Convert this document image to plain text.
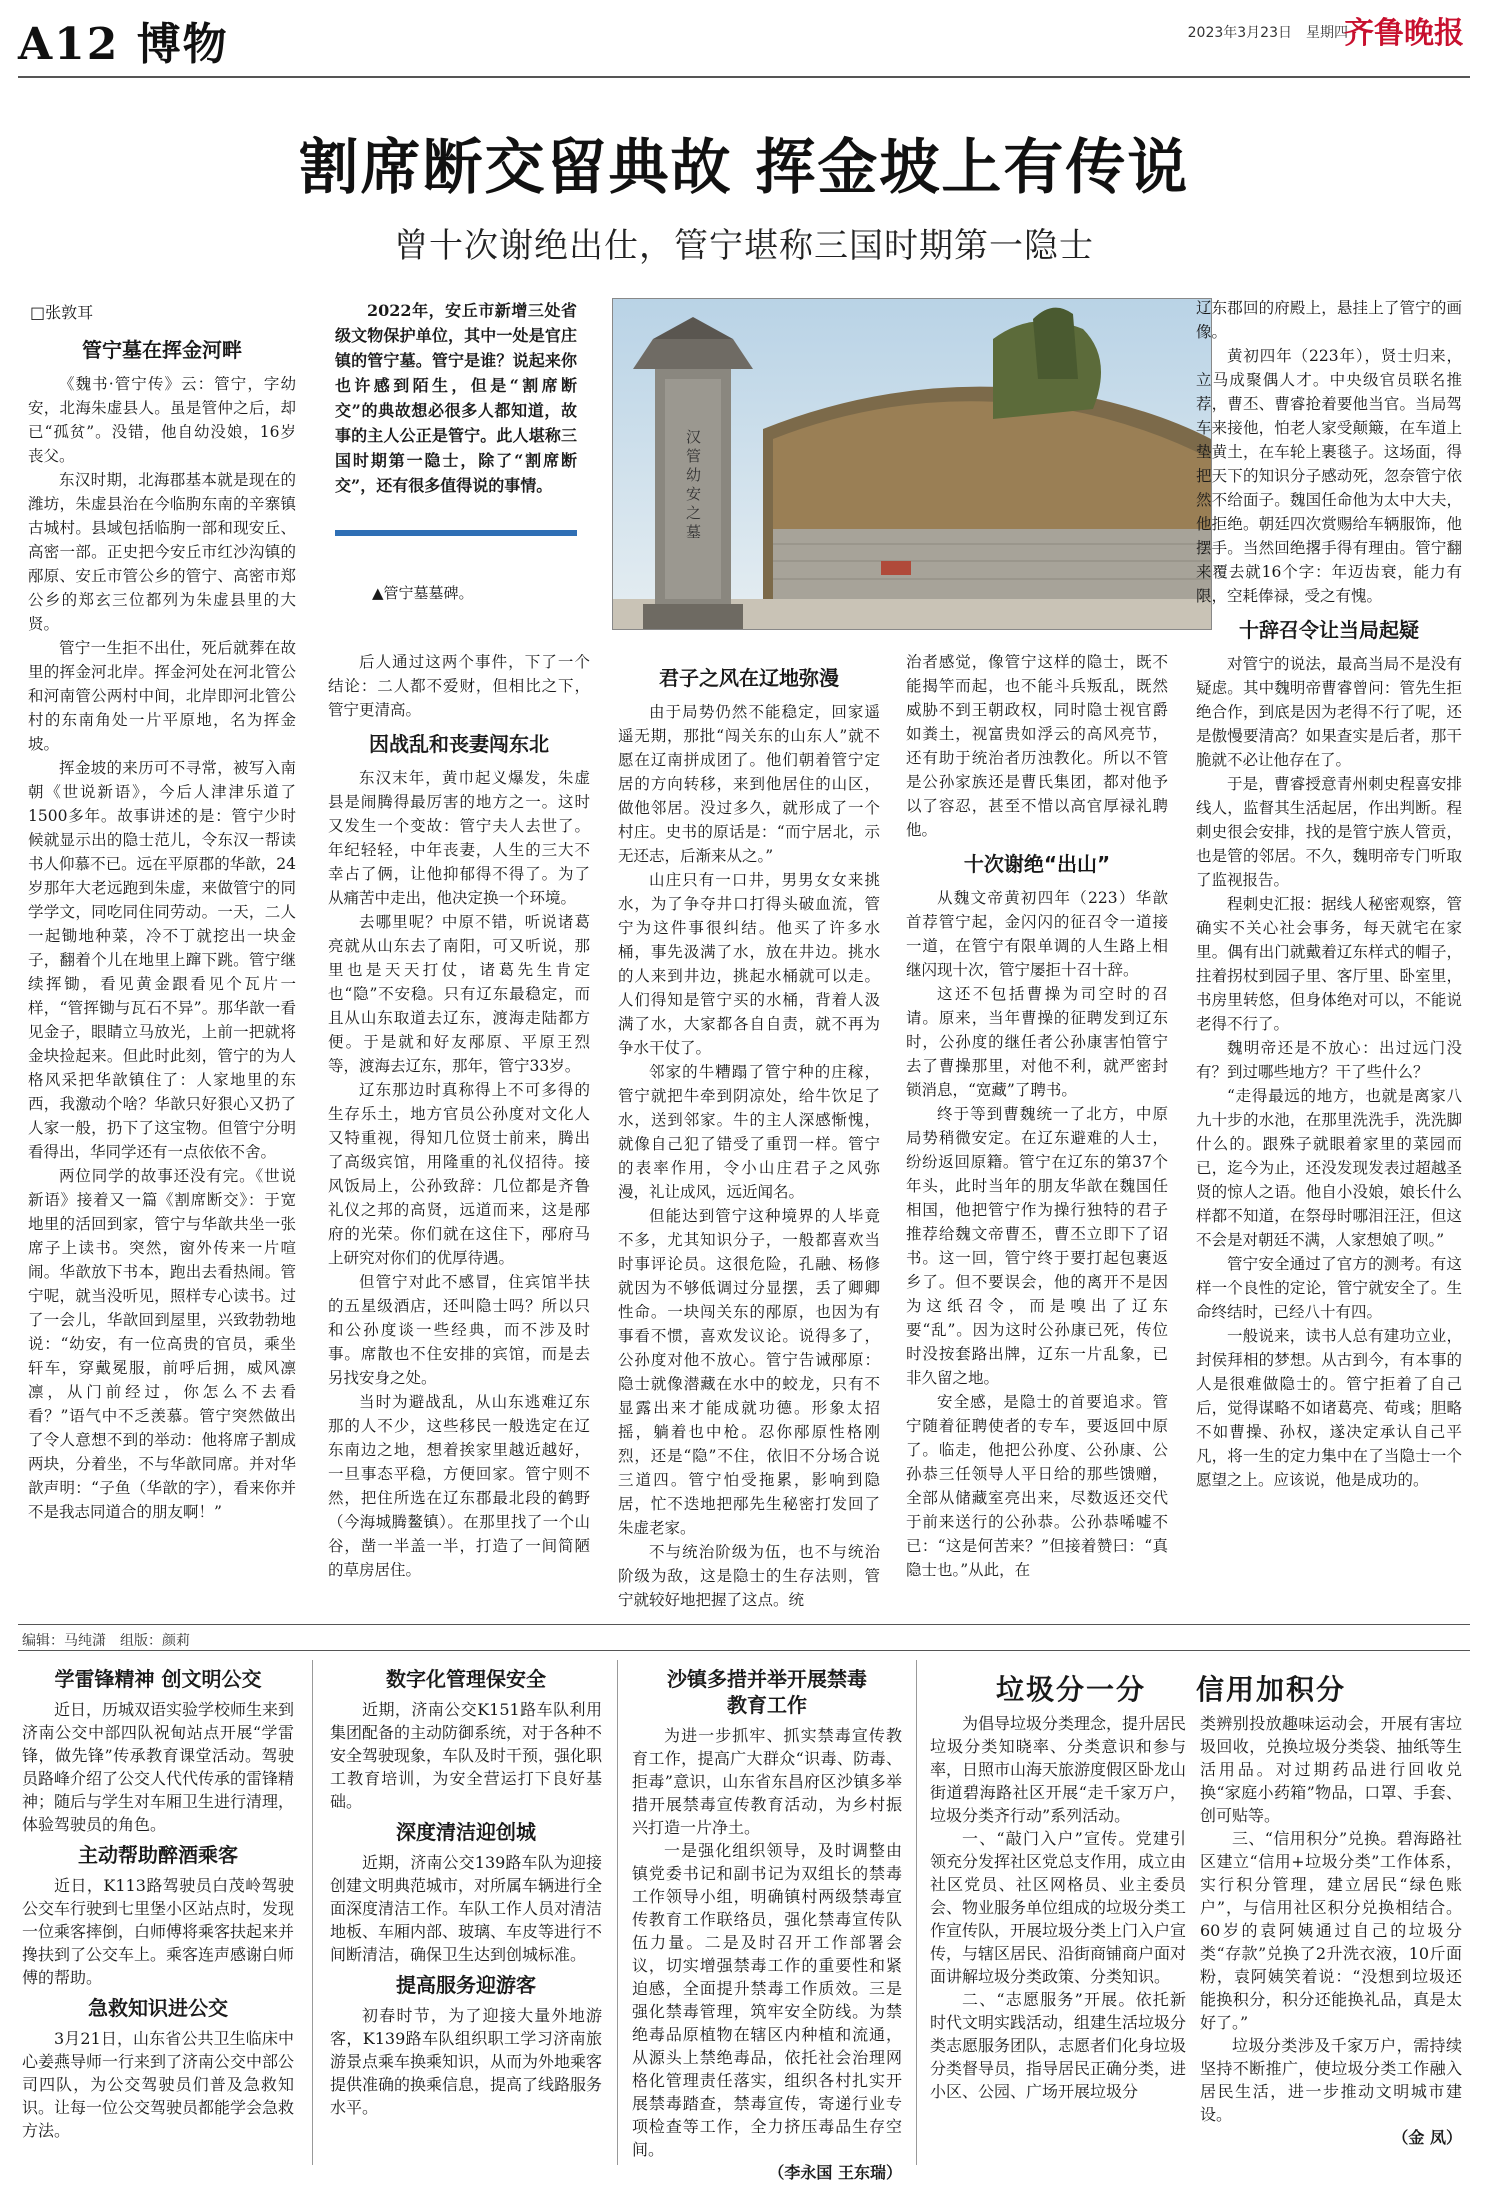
A12 博物	2023年3月23日　星期四
齐鲁晚报
割席断交留典故 挥金坡上有传说
曾十次谢绝出仕，管宁堪称三国时期第一隐士
□张敦耳
管宁墓在挥金河畔

《魏书·管宁传》云：管宁，字幼安，北海朱虚县人。虽是管仲之后，却已“孤贫”。没错，他自幼没娘，16岁丧父。

东汉时期，北海郡基本就是现在的潍坊，朱虚县治在今临朐东南的辛寨镇古城村。县域包括临朐一部和现安丘、高密一部。正史把今安丘市红沙沟镇的邴原、安丘市管公乡的管宁、高密市郑公乡的郑玄三位都列为朱虚县里的大贤。

管宁一生拒不出仕，死后就葬在故里的挥金河北岸。挥金河处在河北管公和河南管公两村中间，北岸即河北管公村的东南角处一片平原地，名为挥金坡。

挥金坡的来历可不寻常，被写入南朝《世说新语》，今后人津津乐道了1500多年。故事讲述的是：管宁少时候就显示出的隐士范儿，令东汉一帮读书人仰慕不已。远在平原郡的华歆，24岁那年大老远跑到朱虚，来做管宁的同学学文，同吃同住同劳动。一天，二人一起锄地种菜，冷不丁就挖出一块金子，翻着个儿在地里上蹿下跳。管宁继续挥锄，看见黄金跟看见个瓦片一样，“管挥锄与瓦石不异”。那华歆一看见金子，眼睛立马放光，上前一把就将金块捡起来。但此时此刻，管宁的为人格风采把华歆镇住了：人家地里的东西，我激动个啥？华歆只好狠心又扔了人家一般，扔下了这宝物。但管宁分明看得出，华同学还有一点依依不舍。

两位同学的故事还没有完。《世说新语》接着又一篇《割席断交》：于宽地里的活回到家，管宁与华歆共坐一张席子上读书。突然，窗外传来一片喧闹。华歆放下书本，跑出去看热闹。管宁呢，就当没听见，照样专心读书。过了一会儿，华歆回到屋里，兴致勃勃地说：“幼安，有一位高贵的官员，乘坐轩车，穿戴冕服，前呼后拥，威风凛凛，从门前经过，你怎么不去看看？”语气中不乏羡慕。管宁突然做出了令人意想不到的举动：他将席子割成两块，分着坐，不与华歆同席。并对华歆声明：“子鱼（华歆的字），看来你并不是我志同道合的朋友啊！”

2022年，安丘市新增三处省级文物保护单位，其中一处是官庄镇的管宁墓。管宁是谁？说起来你也许感到陌生，但是“割席断交”的典故想必很多人都知道，故事的主人公正是管宁。此人堪称三国时期第一隐士，除了“割席断交”，还有很多值得说的事情。

▲管宁墓墓碑。
汉管幼安之墓

后人通过这两个事件，下了一个结论：二人都不爱财，但相比之下，管宁更清高。

因战乱和丧妻闯东北

东汉末年，黄巾起义爆发，朱虚县是闹腾得最厉害的地方之一。这时又发生一个变故：管宁夫人去世了。年纪轻轻，中年丧妻，人生的三大不幸占了俩，让他抑郁得不得了。为了从痛苦中走出，他决定换一个环境。

去哪里呢？中原不错，听说诸葛亮就从山东去了南阳，可又听说，那里也是天天打仗，诸葛先生肯定也“隐”不安稳。只有辽东最稳定，而且从山东取道去辽东，渡海走陆都方便。于是就和好友邴原、平原王烈等，渡海去辽东，那年，管宁33岁。

辽东那边时真称得上不可多得的生存乐土，地方官员公孙度对文化人又特重视，得知几位贤士前来，腾出了高级宾馆，用隆重的礼仪招待。接风饭局上，公孙致辞：几位都是齐鲁礼仪之邦的高贤，远道而来，这是邴府的光荣。你们就在这住下，邴府马上研究对你们的优厚待遇。

但管宁对此不感冒，住宾馆半扶的五星级酒店，还叫隐士吗？所以只和公孙度谈一些经典，而不涉及时事。席散也不住安排的宾馆，而是去另找安身之处。

当时为避战乱，从山东逃难辽东那的人不少，这些移民一般选定在辽东南边之地，想着挨家里越近越好，一旦事态平稳，方便回家。管宁则不然，把住所选在辽东郡最北段的鹤野（今海城腾鳌镇）。在那里找了一个山谷，凿一半盖一半，打造了一间简陋的草房居住。

君子之风在辽地弥漫

由于局势仍然不能稳定，回家遥遥无期，那批“闯关东的山东人”就不愿在辽南拼成团了。他们朝着管宁定居的方向转移，来到他居住的山区，做他邻居。没过多久，就形成了一个村庄。史书的原话是：“而宁居北，示无还志，后渐来从之。”

山庄只有一口井，男男女女来挑水，为了争夺井口打得头破血流，管宁为这件事很纠结。他买了许多水桶，事先汲满了水，放在井边。挑水的人来到井边，挑起水桶就可以走。人们得知是管宁买的水桶，背着人汲满了水，大家都各自自责，就不再为争水干仗了。

邻家的牛糟蹋了管宁种的庄稼，管宁就把牛牵到阴凉处，给牛饮足了水，送到邻家。牛的主人深感惭愧，就像自己犯了错受了重罚一样。管宁的表率作用，令小山庄君子之风弥漫，礼让成风，远近闻名。

但能达到管宁这种境界的人毕竟不多，尤其知识分子，一般都喜欢当时事评论员。这很危险，孔融、杨修就因为不够低调过分显摆，丢了卿卿性命。一块闯关东的邴原，也因为有事看不惯，喜欢发议论。说得多了，公孙度对他不放心。管宁告诫邴原：隐士就像潜藏在水中的蛟龙，只有不显露出来才能成就功德。形象太招摇，躺着也中枪。忍你邴原性格刚烈，还是“隐”不住，依旧不分场合说三道四。管宁怕受拖累，影响到隐居，忙不迭地把邴先生秘密打发回了朱虚老家。

不与统治阶级为伍，也不与统治阶级为敌，这是隐士的生存法则，管宁就较好地把握了这点。统

治者感觉，像管宁这样的隐士，既不能揭竿而起，也不能斗兵叛乱，既然威胁不到王朝政权，同时隐士视官爵如粪土，视富贵如浮云的高风亮节，还有助于统治者历浊教化。所以不管是公孙家族还是曹氏集团，都对他予以了容忍，甚至不惜以高官厚禄礼聘他。

十次谢绝“出山”

从魏文帝黄初四年（223）华歆首荐管宁起，金闪闪的征召令一道接一道，在管宁有限单调的人生路上相继闪现十次，管宁屡拒十召十辞。

这还不包括曹操为司空时的召请。原来，当年曹操的征聘发到辽东时，公孙度的继任者公孙康害怕管宁去了曹操那里，对他不利，就严密封锁消息，“宽藏”了聘书。

终于等到曹魏统一了北方，中原局势稍微安定。在辽东避难的人士，纷纷返回原籍。管宁在辽东的第37个年头，此时当年的朋友华歆在魏国任相国，他把管宁作为操行独特的君子推荐给魏文帝曹丕，曹丕立即下了诏书。这一回，管宁终于要打起包裹返乡了。但不要误会，他的离开不是因为这纸召令，而是嗅出了辽东要“乱”。因为这时公孙康已死，传位时没按套路出牌，辽东一片乱象，已非久留之地。

安全感，是隐士的首要追求。管宁随着征聘使者的专车，要返回中原了。临走，他把公孙度、公孙康、公孙恭三任领导人平日给的那些馈赠，全部从储藏室亮出来，尽数返还交代于前来送行的公孙恭。公孙恭唏嘘不已：“这是何苦来？”但接着赞曰：“真隐士也。”从此，在

辽东郡回的府殿上，悬挂上了管宁的画像。

黄初四年（223年），贤士归来，立马成聚偶人才。中央级官员联名推荐，曹丕、曹睿抢着要他当官。当局驾车来接他，怕老人家受颠簸，在车道上垫黄土，在车轮上裹毯子。这场面，得把天下的知识分子感动死，忽奈管宁依然不给面子。魏国任命他为太中大夫，他拒绝。朝廷四次赏赐给车辆服饰，他摆手。当然回绝撂手得有理由。管宁翻来覆去就16个字：年迈齿衰，能力有限，空耗俸禄，受之有愧。

十辞召令让当局起疑

对管宁的说法，最高当局不是没有疑虑。其中魏明帝曹睿曾问：管先生拒绝合作，到底是因为老得不行了呢，还是傲慢要清高？如果查实是后者，那干脆就不必让他存在了。

于是，曹睿授意青州刺史程喜安排线人，监督其生活起居，作出判断。程刺史很会安排，找的是管宁族人管贡，也是管的邻居。不久，魏明帝专门听取了监视报告。

程刺史汇报：据线人秘密观察，管确实不关心社会事务，每天就宅在家里。偶有出门就戴着辽东样式的帽子，拄着拐杖到园子里、客厅里、卧室里，书房里转悠，但身体绝对可以，不能说老得不行了。

魏明帝还是不放心：出过远门没有？到过哪些地方？干了些什么？

“走得最远的地方，也就是离家八九十步的水池，在那里洗洗手，洗洗脚什么的。跟殊子就眼着家里的菜园而已，迄今为止，还没发现发表过超越圣贤的惊人之语。他自小没娘，娘长什么样都不知道，在祭母时哪泪汪汪，但这不会是对朝廷不满，人家想娘了呗。”

管宁安全通过了官方的测考。有这样一个良性的定论，管宁就安全了。生命终结时，已经八十有四。

一般说来，读书人总有建功立业，封侯拜相的梦想。从古到今，有本事的人是很难做隐士的。管宁拒着了自己后，觉得谋略不如诸葛亮、荀彧；胆略不如曹操、孙权，遂决定承认自己平凡，将一生的定力集中在了当隐士一个愿望之上。应该说，他是成功的。

编辑：马纯潇　组版：颜莉
学雷锋精神 创文明公交

近日，历城双语实验学校师生来到济南公交中部四队祝甸站点开展“学雷锋，做先锋”传承教育课堂活动。驾驶员路峰介绍了公交人代代传承的雷锋精神；随后与学生对车厢卫生进行清理，体验驾驶员的角色。

主动帮助醉酒乘客

近日，K113路驾驶员白茂岭驾驶公交车行驶到七里堡小区站点时，发现一位乘客摔倒，白师傅将乘客扶起来并搀扶到了公交车上。乘客连声感谢白师傅的帮助。

急救知识进公交

3月21日，山东省公共卫生临床中心姜燕导师一行来到了济南公交中部公司四队，为公交驾驶员们普及急救知识。让每一位公交驾驶员都能学会急救方法。

数字化管理保安全

近期，济南公交K151路车队利用集团配备的主动防御系统，对于各种不安全驾驶现象，车队及时干预，强化职工教育培训，为安全营运打下良好基础。

深度清洁迎创城

近期，济南公交139路车队为迎接创建文明典范城市，对所属车辆进行全面深度清洁工作。车队工作人员对清洁地板、车厢内部、玻璃、车皮等进行不间断清洁，确保卫生达到创城标准。

提高服务迎游客

初春时节，为了迎接大量外地游客，K139路车队组织职工学习济南旅游景点乘车换乘知识，从而为外地乘客提供准确的换乘信息，提高了线路服务水平。

沙镇多措并举开展禁毒教育工作

为进一步抓牢、抓实禁毒宣传教育工作，提高广大群众“识毒、防毒、拒毒”意识，山东省东昌府区沙镇多举措开展禁毒宣传教育活动，为乡村振兴打造一片净土。

一是强化组织领导，及时调整由镇党委书记和副书记为双组长的禁毒工作领导小组，明确镇村两级禁毒宣传教育工作联络员，强化禁毒宣传队伍力量。二是及时召开工作部署会议，切实增强禁毒工作的重要性和紧迫感，全面提升禁毒工作质效。三是强化禁毒管理，筑牢安全防线。为禁绝毒品原植物在辖区内种植和流通，从源头上禁绝毒品，依托社会治理网格化管理责任落实，组织各村扎实开展禁毒踏查，禁毒宣传，寄递行业专项检查等工作，全力挤压毒品生存空间。

（李永国 王东瑞）
垃圾分一分 信用加积分

为倡导垃圾分类理念，提升居民垃圾分类知晓率、分类意识和参与率，日照市山海天旅游度假区卧龙山街道碧海路社区开展“走千家万户，垃圾分类齐行动”系列活动。

一、“敲门入户”宣传。党建引领充分发挥社区党总支作用，成立由社区党员、社区网格员、业主委员会、物业服务单位组成的垃圾分类工作宣传队，开展垃圾分类上门入户宣传，与辖区居民、沿街商铺商户面对面讲解垃圾分类政策、分类知识。

二、“志愿服务”开展。依托新时代文明实践活动，组建生活垃圾分类志愿服务团队，志愿者们化身垃圾分类督导员，指导居民正确分类，进小区、公园、广场开展垃圾分

类辨别投放趣味运动会，开展有害垃圾回收，兑换垃圾分类袋、抽纸等生活用品。对过期药品进行回收兑换“家庭小药箱”物品，口罩、手套、创可贴等。

三、“信用积分”兑换。碧海路社区建立“信用+垃圾分类”工作体系，实行积分管理，建立居民“绿色账户”，与信用社区积分兑换相结合。60岁的袁阿姨通过自己的垃圾分类“存款”兑换了2升洗衣液，10斤面粉，袁阿姨笑着说：“没想到垃圾还能换积分，积分还能换礼品，真是太好了。”

垃圾分类涉及千家万户，需持续坚持不断推广，使垃圾分类工作融入居民生活，进一步推动文明城市建设。

（金 凤）
